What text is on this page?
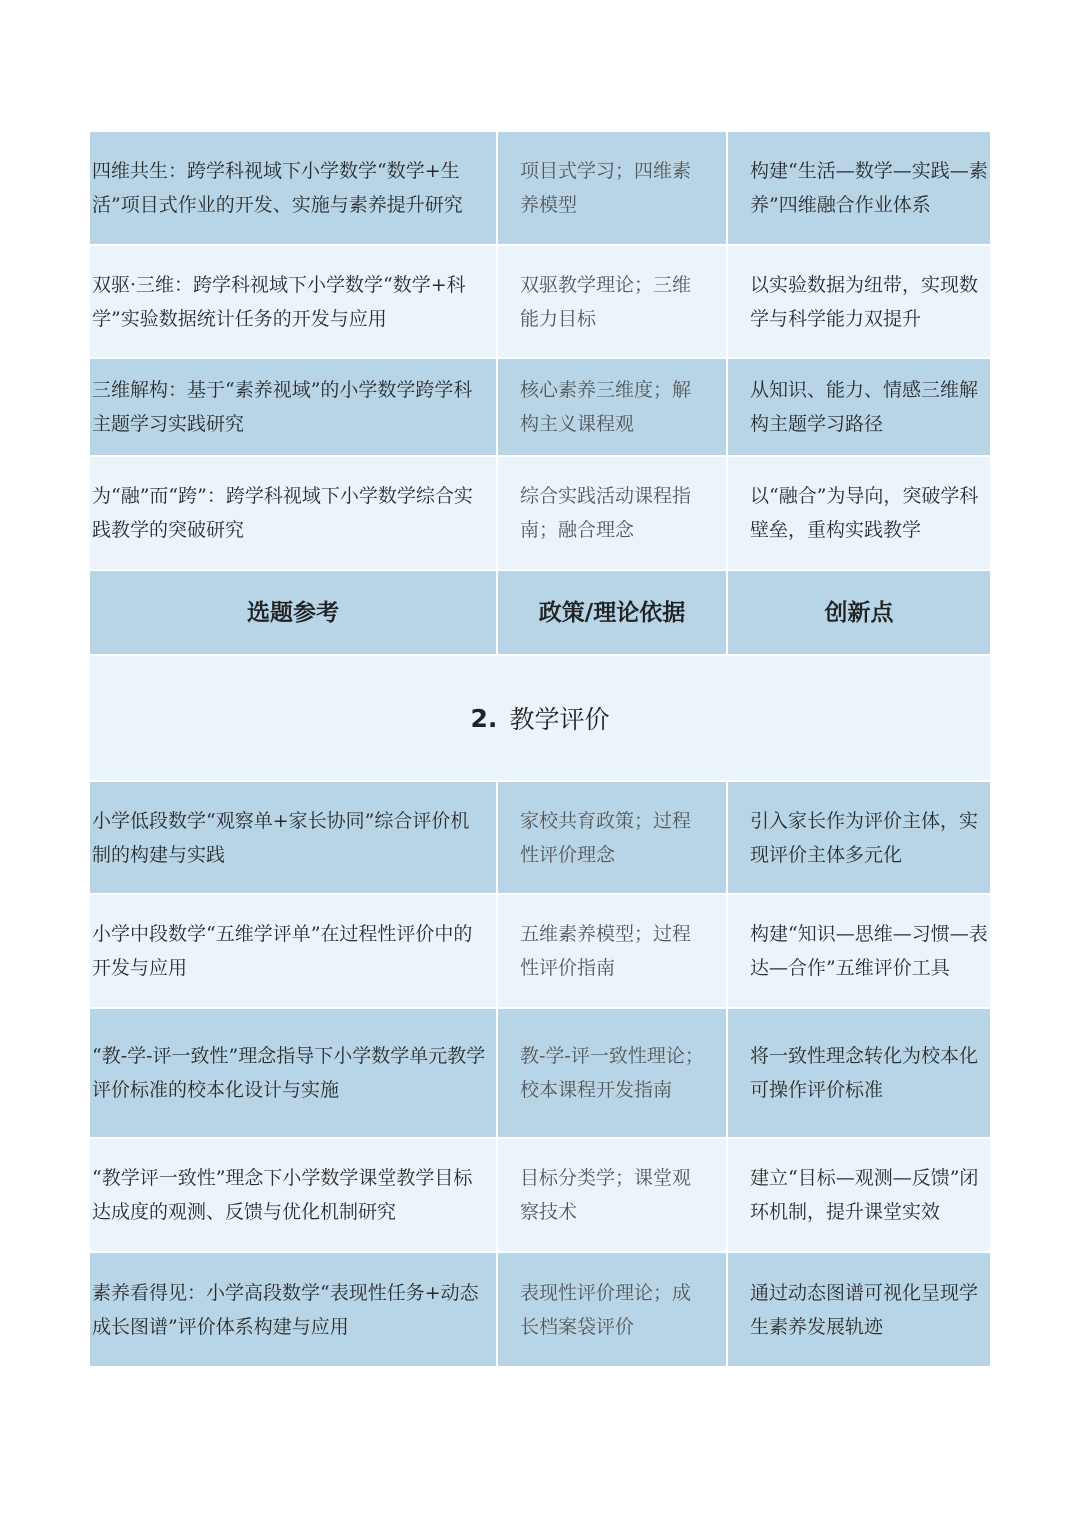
四维共生：跨学科视域下小学数学“数学+生活”项目式作业的开发、实施与素养提升研究
项目式学习；四维素养模型
构建“生活—数学—实践—素养”四维融合作业体系
双驱·三维：跨学科视域下小学数学“数学+科学”实验数据统计任务的开发与应用
双驱教学理论；三维能力目标
以实验数据为纽带，实现数学与科学能力双提升
三维解构：基于“素养视域”的小学数学跨学科主题学习实践研究
核心素养三维度；解构主义课程观
从知识、能力、情感三维解构主题学习路径
为“融”而“跨”：跨学科视域下小学数学综合实践教学的突破研究
综合实践活动课程指南；融合理念
以“融合”为导向，突破学科壁垒，重构实践教学
选题参考	政策/理论依据	创新点
2. 教学评价
小学低段数学“观察单+家长协同”综合评价机制的构建与实践
家校共育政策；过程性评价理念
引入家长作为评价主体，实现评价主体多元化
小学中段数学“五维学评单”在过程性评价中的开发与应用
五维素养模型；过程性评价指南
构建“知识—思维—习惯—表达—合作”五维评价工具
“教-学-评一致性”理念指导下小学数学单元教学评价标准的校本化设计与实施
教-学-评一致性理论；校本课程开发指南
将一致性理念转化为校本化可操作评价标准
“教学评一致性”理念下小学数学课堂教学目标达成度的观测、反馈与优化机制研究
目标分类学；课堂观察技术
建立“目标—观测—反馈”闭环机制，提升课堂实效
素养看得见：小学高段数学“表现性任务+动态成长图谱”评价体系构建与应用
表现性评价理论；成长档案袋评价
通过动态图谱可视化呈现学生素养发展轨迹
